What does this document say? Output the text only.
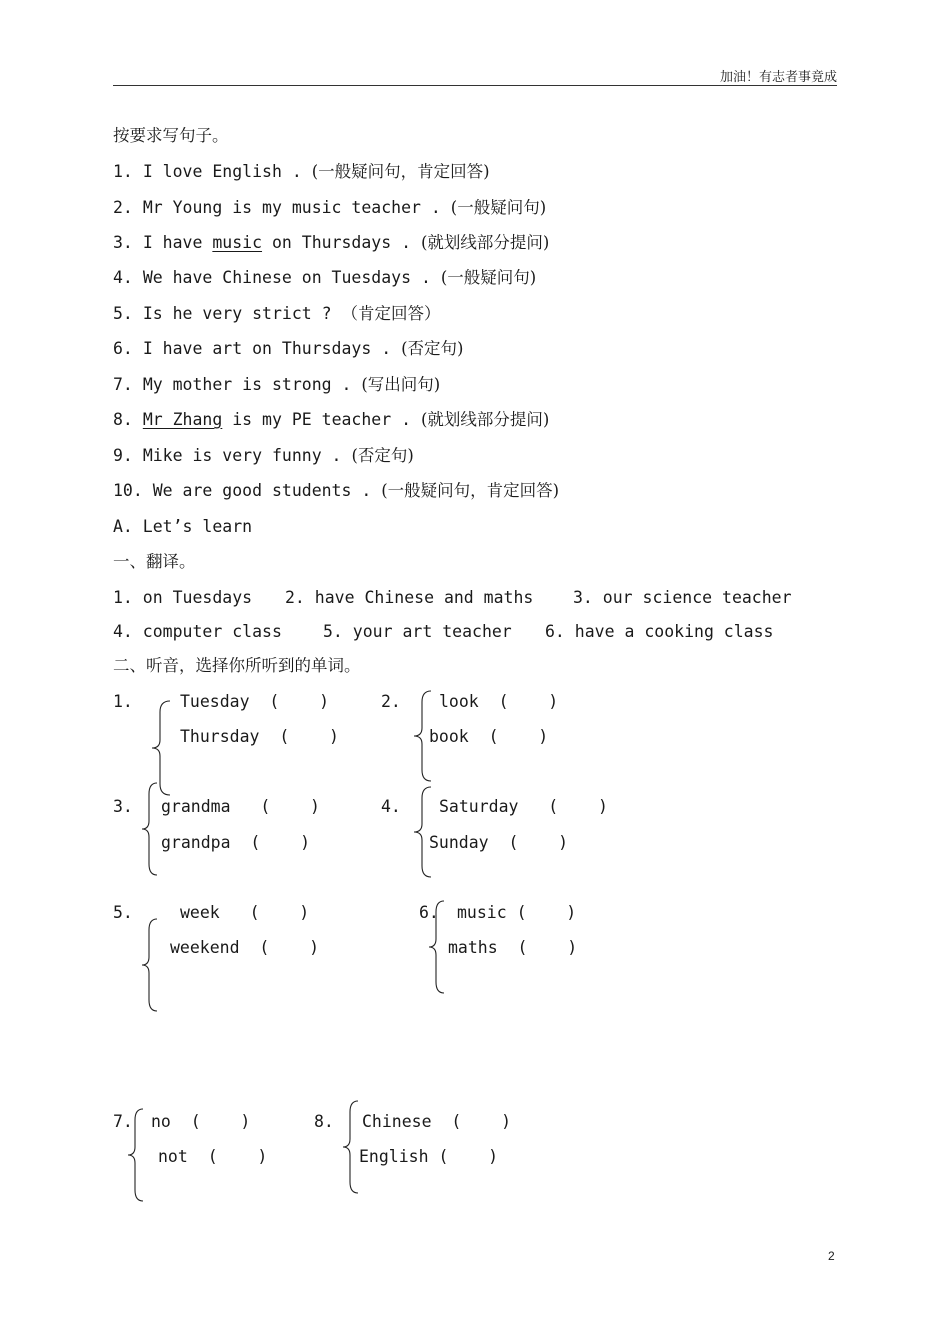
加油！有志者事竟成
按要求写句子。
1. I love English . (一般疑问句，肯定回答)
2. Mr Young is my music teacher . (一般疑问句)
3. I have music on Thursdays . (就划线部分提问)
4. We have Chinese on Tuesdays . (一般疑问句)
5. Is he very strict ? （肯定回答）
6. I have art on Thursdays . (否定句)
7. My mother is strong . (写出问句)
8. Mr Zhang is my PE teacher . (就划线部分提问)
9. Mike is very funny . (否定句)
10. We are good students . (一般疑问句，肯定回答)
A. Let’s learn
一、翻译。
1. on Tuesdays 2. have Chinese and maths 3. our science teacher
4. computer class 5. your art teacher 6. have a cooking class
二、听音，选择你所听到的单词。
1.	Tuesday (    )
Thursday (    )
2. look (    )
book (    )
3. grandma (    )
grandpa (    )
4. Saturday (    )
Sunday (    )
5.	week (    )
weekend (    )
6. music (    )
maths (    )
7. no (    )
not (    )
8. Chinese (    )
English (    )
2
